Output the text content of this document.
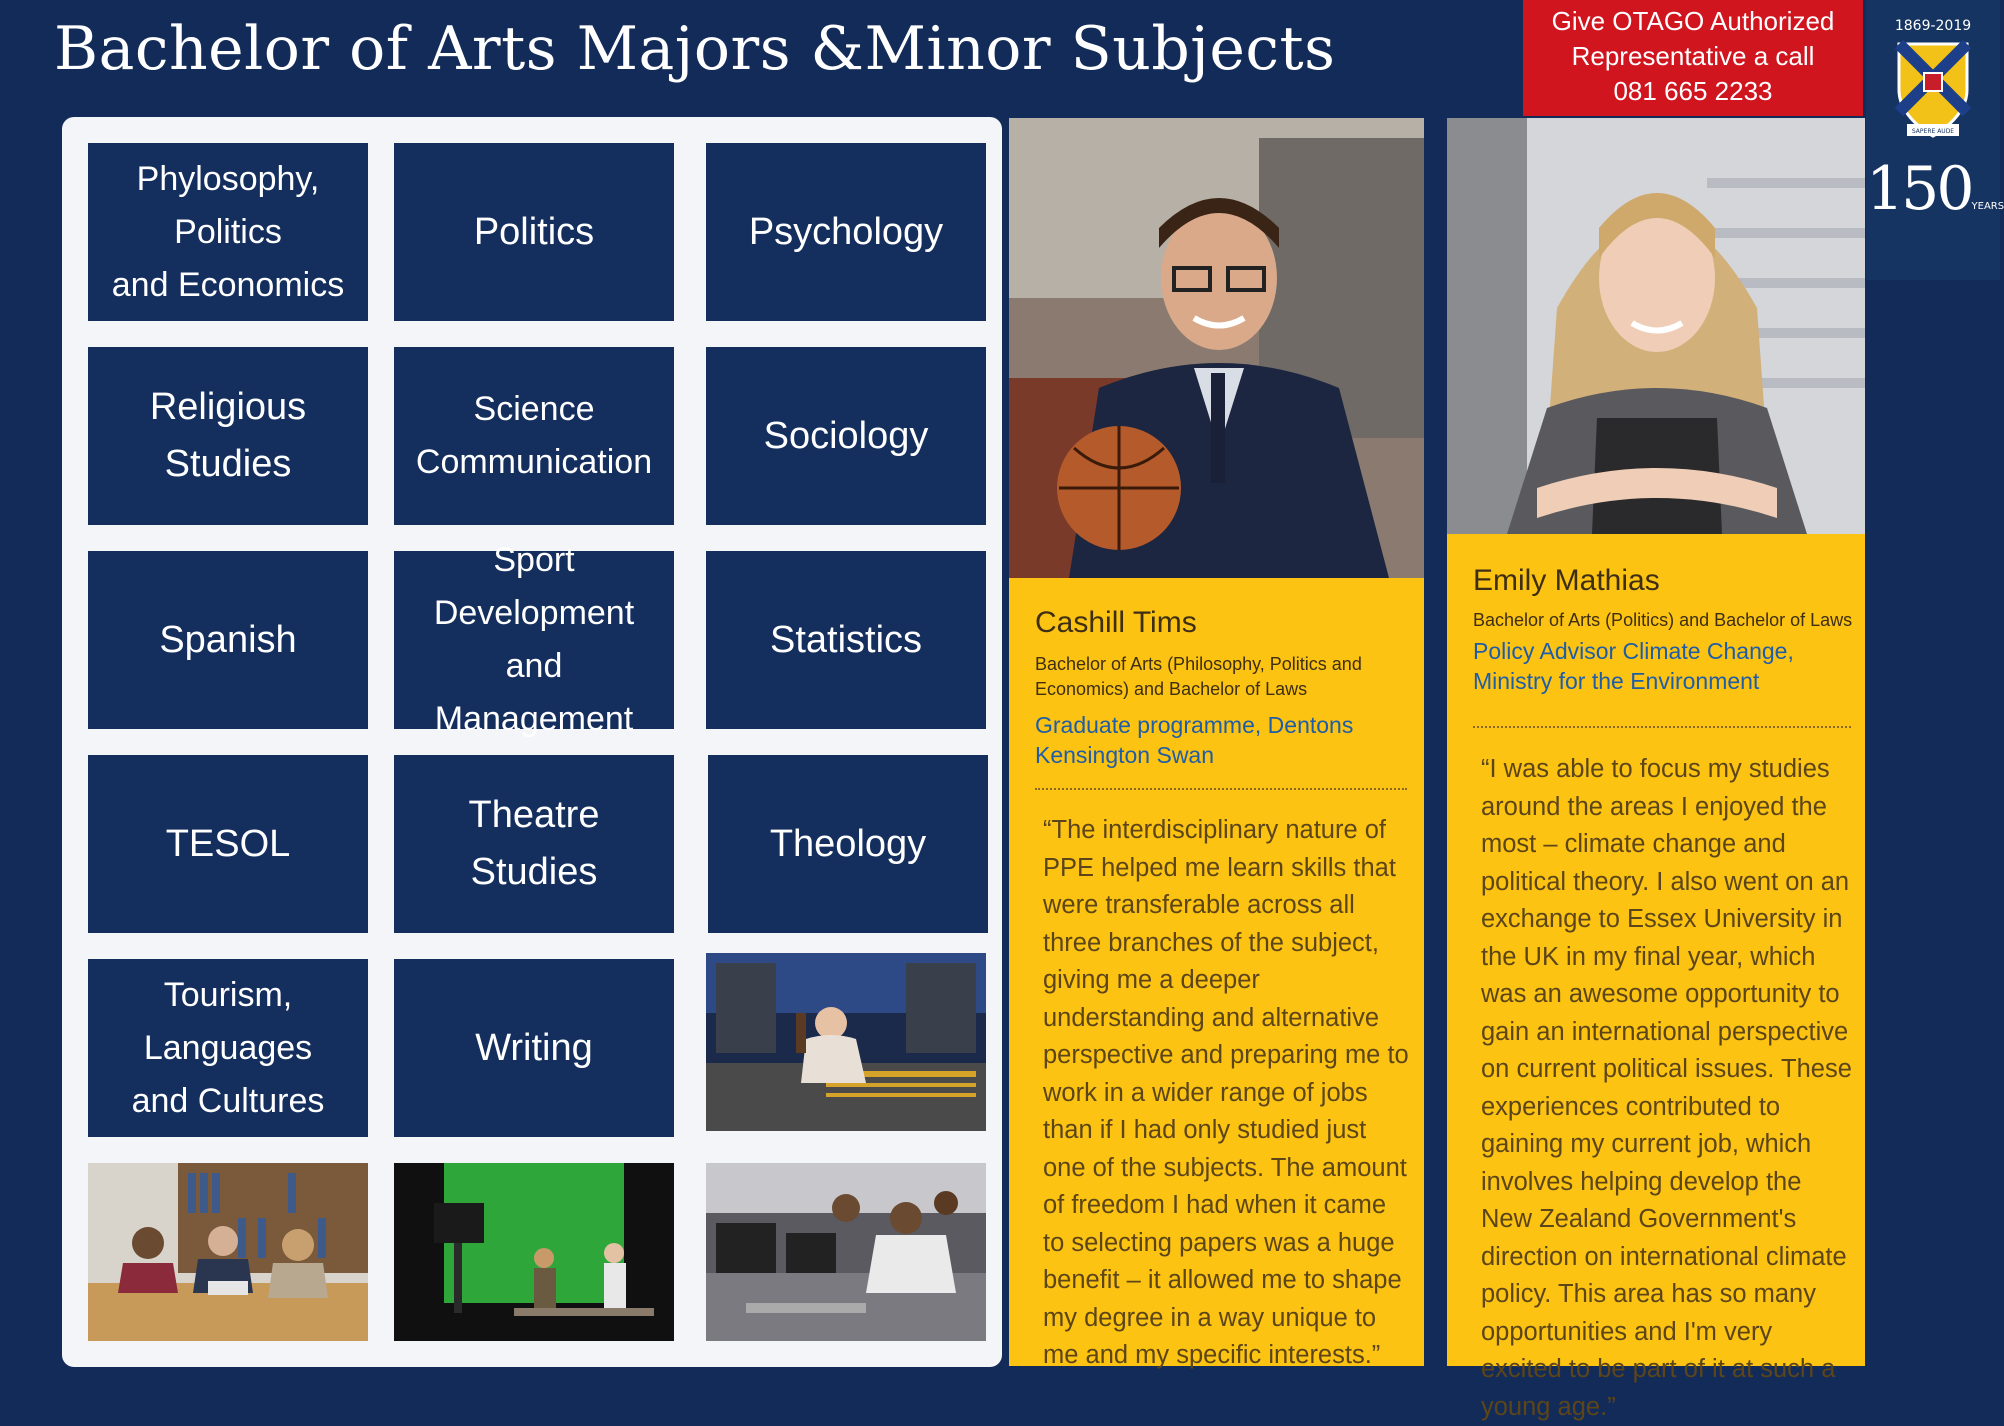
Bachelor of Arts Majors &Minor Subjects	Give OTAGO Authorized
Representative a call
081 665 2233
1869-2019
SAPERE AUDE
150YEARS
Phylosophy,
Politics
and Economics
Politics	Psychology
Religious
Studies
Science
Communication
Sociology
Spanish
Sport
Development
and Management
Statistics
TESOL
Theatre
Studies
Theology
Tourism,
Languages
and Cultures
Writing
Cashill Tims
Bachelor of Arts (Philosophy, Politics and Economics) and Bachelor of Laws
Graduate programme, Dentons Kensington Swan
“The interdisciplinary nature of PPE helped me learn skills that were transferable across all three branches of the subject, giving me a deeper understanding and alternative perspective and preparing me to work in a wider range of jobs than if I had only studied just one of the subjects. The amount of freedom I had when it came to selecting papers was a huge benefit – it allowed me to shape my degree in a way unique to me and my specific interests.”
Emily Mathias
Bachelor of Arts (Politics) and Bachelor of Laws
Policy Advisor Climate Change, Ministry for the Environment
“I was able to focus my studies around the areas I enjoyed the most – climate change and political theory. I also went on an exchange to Essex University in the UK in my final year, which was an awesome opportunity to gain an international perspective on current political issues. These experiences contributed to gaining my current job, which involves helping develop the New Zealand Government's direction on international climate policy. This area has so many opportunities and I'm very excited to be part of it at such a young age.”
